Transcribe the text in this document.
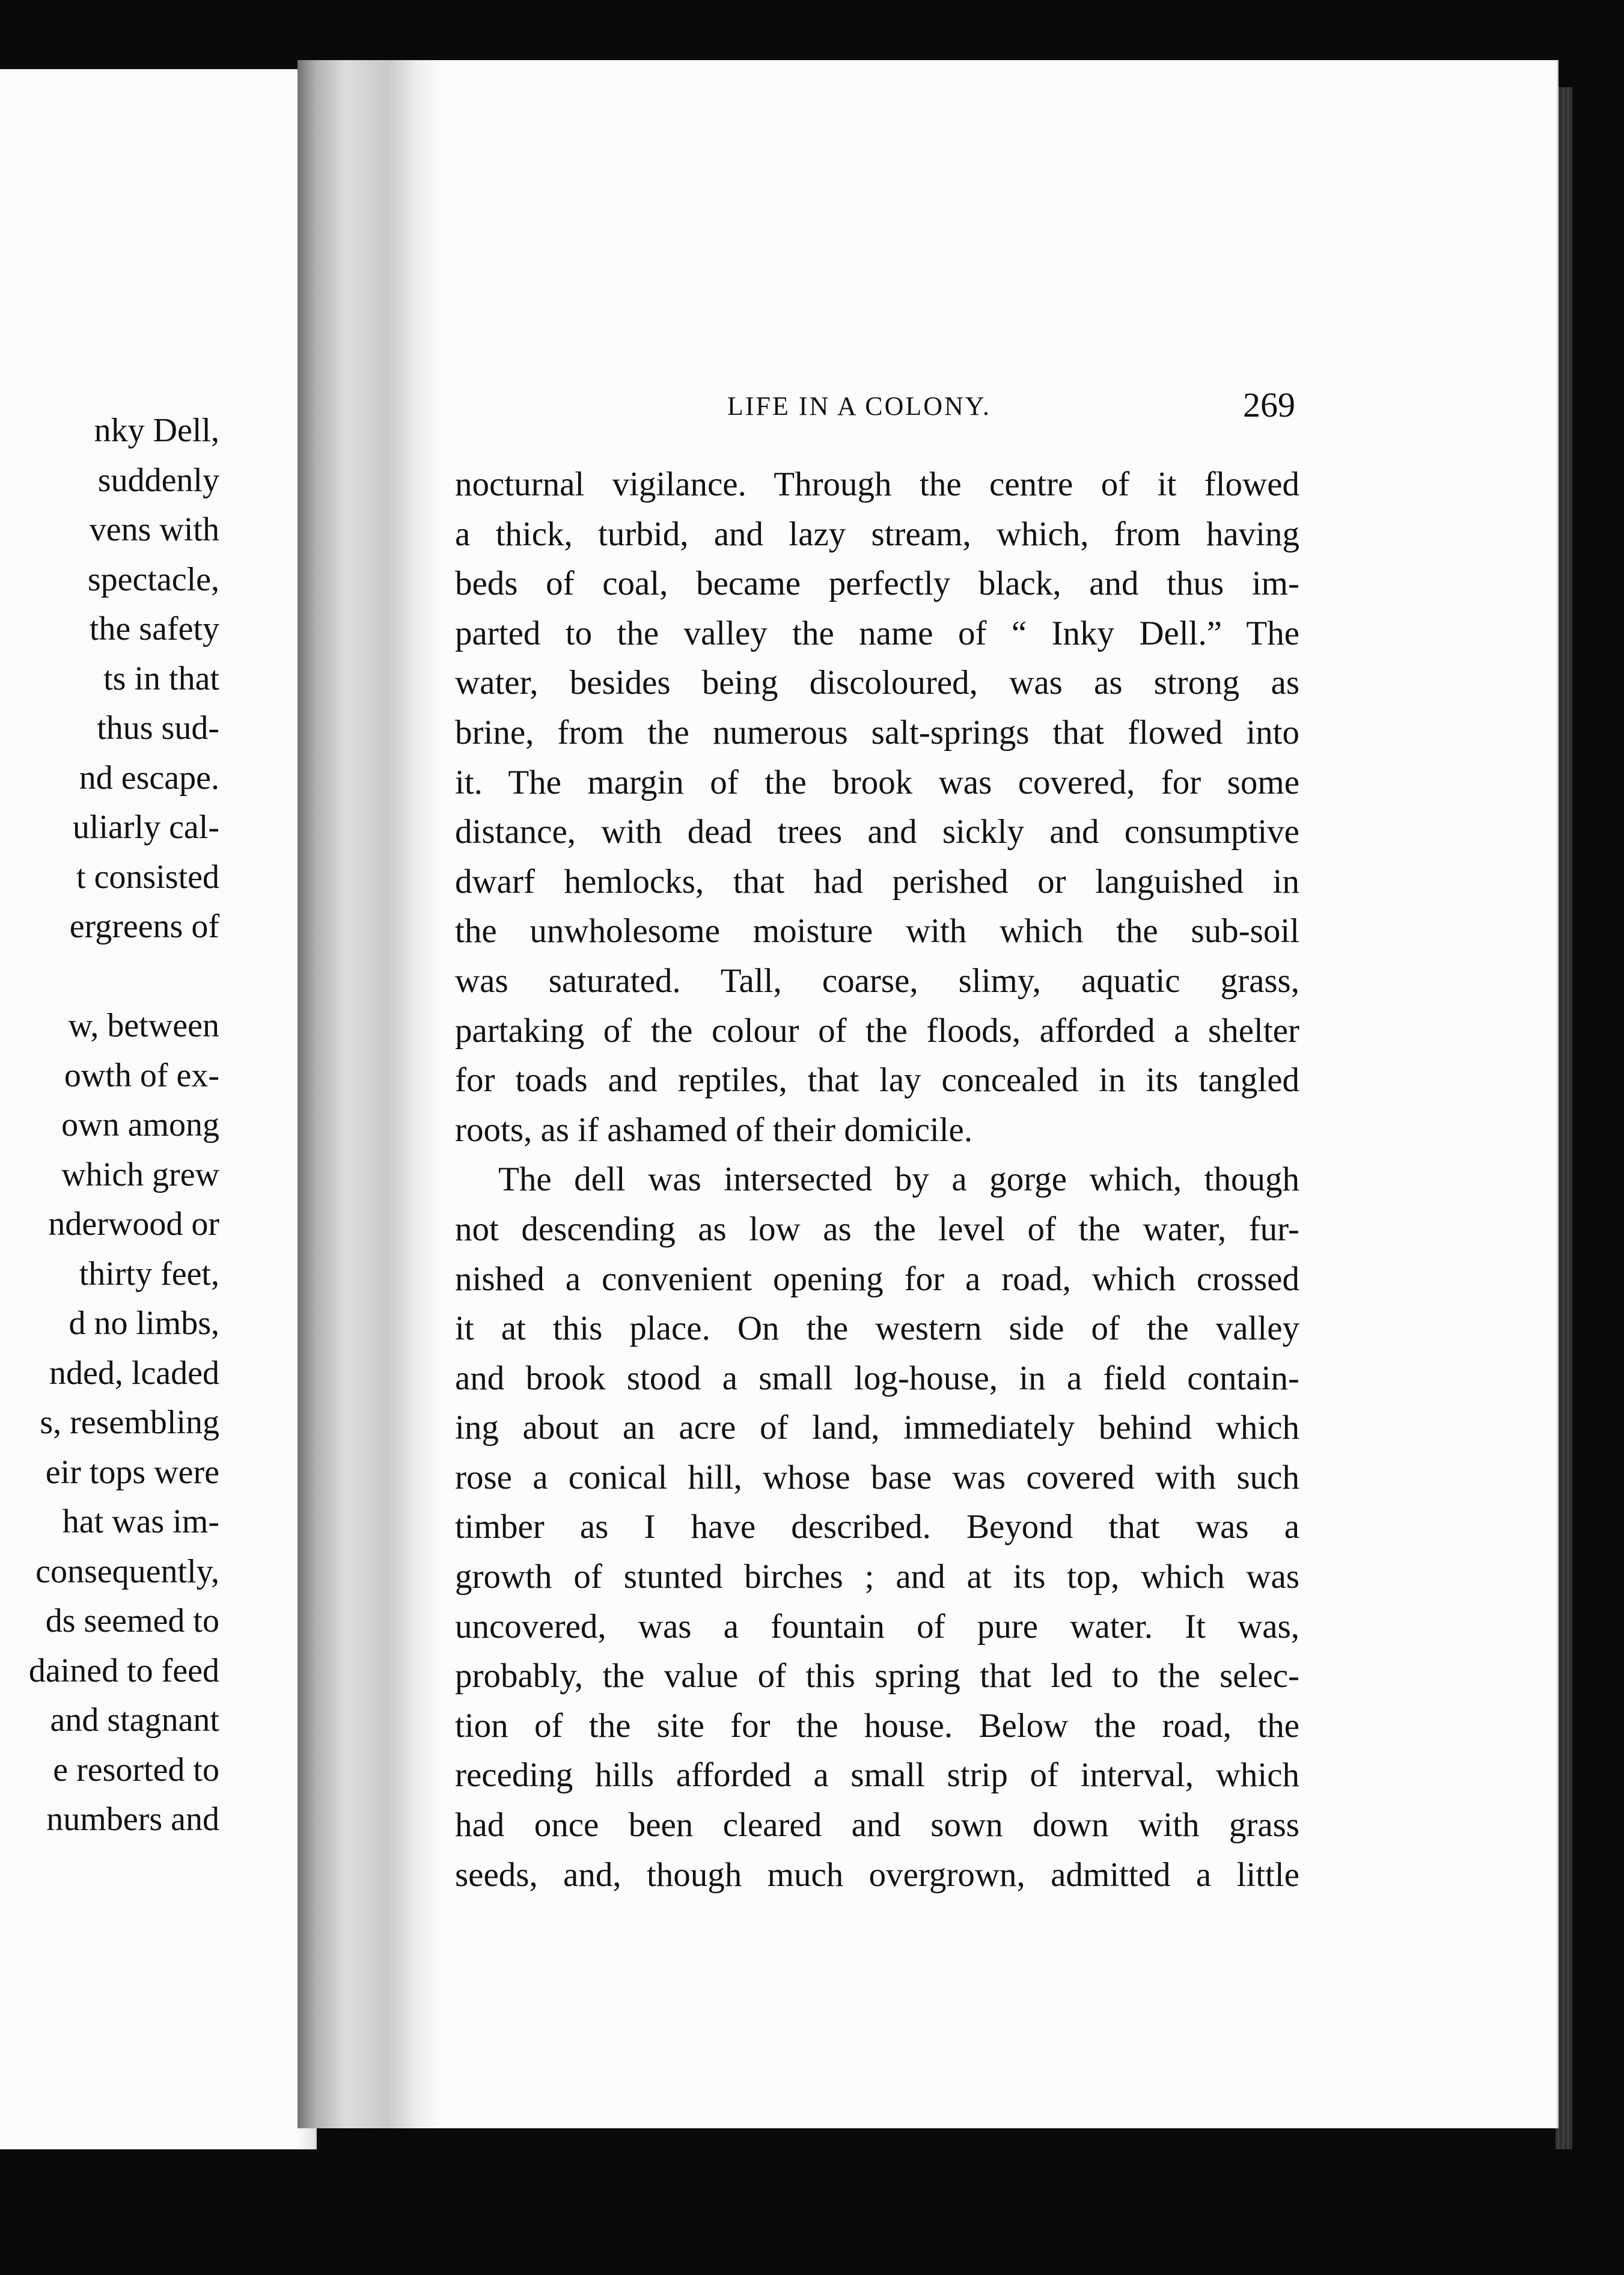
nky Dell,
suddenly
vens with
spectacle,
the safety
ts in that
thus sud-
nd escape.
uliarly cal-
t consisted
ergreens of
w, between
owth of ex-
own among
which grew
nderwood or
thirty feet,
d no limbs,
nded, lcaded
s, resembling
eir tops were
hat was im-
consequently,
ds seemed to
dained to feed
and stagnant
e resorted to
numbers and
LIFE IN A COLONY.	269
nocturnal vigilance. Through the centre of it flowed
a thick, turbid, and lazy stream, which, from having
beds of coal, became perfectly black, and thus im-
parted to the valley the name of “ Inky Dell.” The
water, besides being discoloured, was as strong as
brine, from the numerous salt-springs that flowed into
it. The margin of the brook was covered, for some
distance, with dead trees and sickly and consumptive
dwarf hemlocks, that had perished or languished in
the unwholesome moisture with which the sub-soil
was saturated. Tall, coarse, slimy, aquatic grass,
partaking of the colour of the floods, afforded a shelter
for toads and reptiles, that lay concealed in its tangled
roots, as if ashamed of their domicile.
The dell was intersected by a gorge which, though
not descending as low as the level of the water, fur-
nished a convenient opening for a road, which crossed
it at this place. On the western side of the valley
and brook stood a small log-house, in a field contain-
ing about an acre of land, immediately behind which
rose a conical hill, whose base was covered with such
timber as I have described. Beyond that was a
growth of stunted birches ; and at its top, which was
uncovered, was a fountain of pure water. It was,
probably, the value of this spring that led to the selec-
tion of the site for the house. Below the road, the
receding hills afforded a small strip of interval, which
had once been cleared and sown down with grass
seeds, and, though much overgrown, admitted a little
